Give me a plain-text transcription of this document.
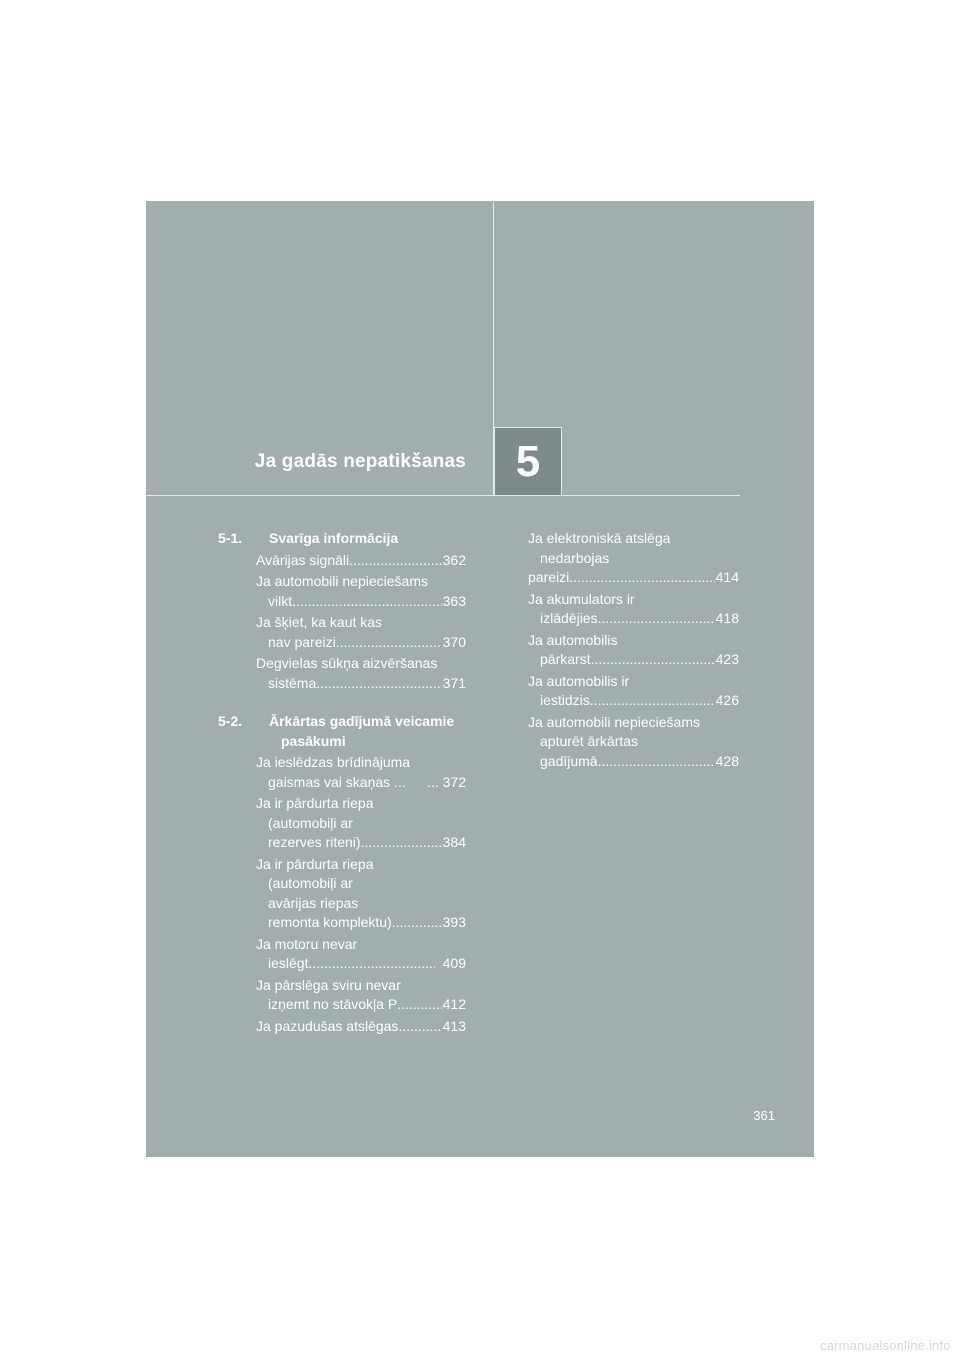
Ja gadās nepatikšanas 5
5-1. Svarīga informācija
Avārijas signāli .....	362
Ja automobili nepieciešams
vilkt .....	363
Ja šķiet, ka kaut kas
nav pareizi .....	370
Degvielas sūkņa aizvēršanas
sistēma .....	371
5-2. Ārkārtas gadījumā veicamie
pasākumi
Ja ieslēdzas brīdinājuma
gaismas vai skaņas ... ... 372
Ja ir pārdurta riepa
(automobiļi ar
rezerves riteni) .....	384
Ja ir pārdurta riepa
(automobiļi ar
avārijas riepas
remonta komplektu) .....	393
Ja motoru nevar
ieslēgt .....	409
Ja pārslēga sviru nevar
izņemt no stāvokļa P .....	412
Ja pazudušas atslēgas .....	413
Ja elektroniskā atslēga
nedarbojas
pareizi .....	414
Ja akumulators ir
izlādējies .....	418
Ja automobilis
pārkarst .....	423
Ja automobilis ir
iestidzis .....	426
Ja automobili nepieciešams
apturēt ārkārtas
gadījumā .....	428
361
carmanualsonline.info
